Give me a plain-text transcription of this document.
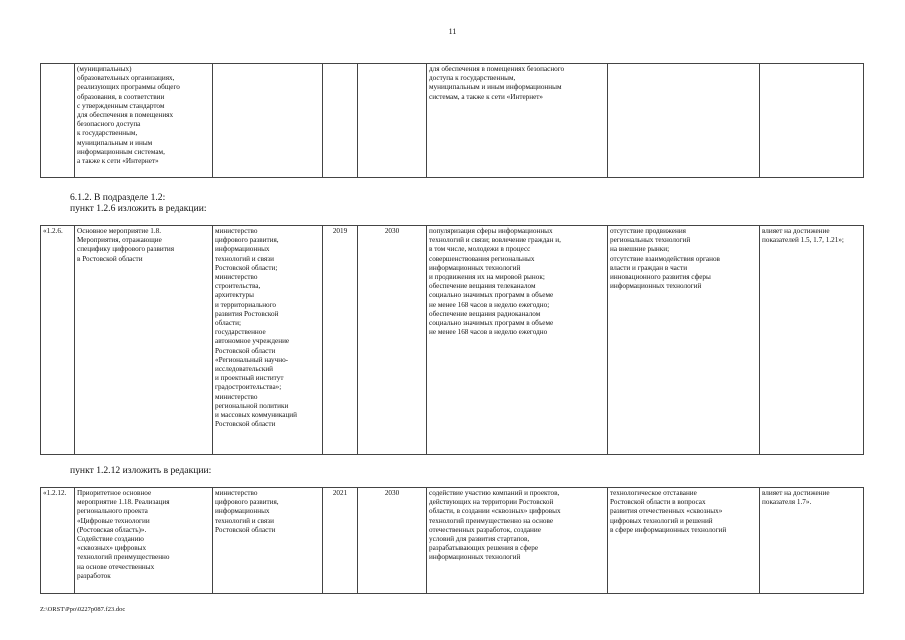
11
	(муниципальных)
образовательных организациях,
реализующих программы общего
образования, в соответствии
с утвержденным стандартом
для обеспечения в помещениях
безопасного доступа
к государственным,
муниципальным и иным
информационным системам,
а также к сети «Интернет»				для обеспечения в помещениях безопасного
доступа к государственным,
муниципальным и иным информационным
системам, а также к сети «Интернет»		
6.1.2. В подразделе 1.2:
пункт 1.2.6 изложить в редакции:
«1.2.6.	Основное мероприятие 1.8.
Мероприятия, отражающие
специфику цифрового развития
в Ростовской области	министерство
цифрового развития,
информационных
технологий и связи
Ростовской области;
министерство
строительства,
архитектуры
и территориального
развития Ростовской
области;
государственное
автономное учреждение
Ростовской области
«Региональный научно-
исследовательский
и проектный институт
градостроительства»;
министерство
региональной политики
и массовых коммуникаций
Ростовской области	2019	2030	популяризация сферы информационных
технологий и связи; вовлечение граждан и,
в том числе, молодежи в процесс
совершенствования региональных
информационных технологий
и продвижения их на мировой рынок;
обеспечение вещания телеканалом
социально значимых программ в объеме
не менее 168 часов в неделю ежегодно;
обеспечение вещания радиоканалом
социально значимых программ в объеме
не менее 168 часов в неделю ежегодно	отсутствие продвижения
региональных технологий
на внешние рынки;
отсутствие взаимодействия органов
власти и граждан в части
инновационного развития сферы
информационных технологий	влияет на достижение
показателей 1.5, 1.7, 1.21»;
пункт 1.2.12 изложить в редакции:
«1.2.12.	Приоритетное основное
мероприятие 1.18. Реализация
регионального проекта
«Цифровые технологии
(Ростовская область)».
Содействие созданию
«сквозных» цифровых
технологий преимущественно
на основе отечественных
разработок	министерство
цифрового развития,
информационных
технологий и связи
Ростовской области	2021	2030	содействие участию компаний и проектов,
действующих на территории Ростовской
области, в создании «сквозных» цифровых
технологий преимущественно на основе
отечественных разработок, создание
условий для развития стартапов,
разрабатывающих решения в сфере
информационных технологий	технологическое отставание
Ростовской области в вопросах
развития отечественных «сквозных»
цифровых технологий и решений
в сфере информационных технологий	влияет на достижение
показателя 1.7».
Z:\ORST\Ppo\0227p087.f23.doc
